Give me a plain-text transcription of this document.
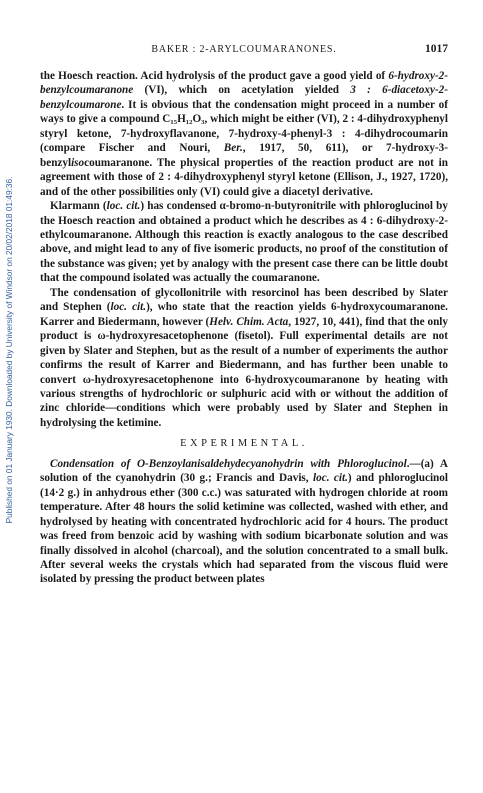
Published on 01 January 1930. Downloaded by University of Windsor on 20/02/2018 01:49:36.
BAKER : 2-ARYLCOUMARANONES.	1017

the Hoesch reaction. Acid hydrolysis of the product gave a good yield of 6-hydroxy-2-benzylcoumaranone (VI), which on acetylation yielded 3 : 6-diacetoxy-2-benzylcoumarone. It is obvious that the condensation might proceed in a number of ways to give a compound C₁₅H₁₂O₃, which might be either (VI), 2 : 4-dihydroxyphenyl styryl ketone, 7-hydroxyflavanone, 7-hydroxy-4-phenyl-3 : 4-dihydrocoumarin (compare Fischer and Nouri, Ber., 1917, 50, 611), or 7-hydroxy-3-benzylisocoumaranone. The physical properties of the reaction product are not in agreement with those of 2 : 4-dihydroxyphenyl styryl ketone (Ellison, J., 1927, 1720), and of the other possibilities only (VI) could give a diacetyl derivative.

Klarmann (loc. cit.) has condensed α-bromo-n-butyronitrile with phloroglucinol by the Hoesch reaction and obtained a product which he describes as 4 : 6-dihydroxy-2-ethylcoumaranone. Although this reaction is exactly analogous to the case described above, and might lead to any of five isomeric products, no proof of the constitution of the substance was given; yet by analogy with the present case there can be little doubt that the compound isolated was actually the coumaranone.

The condensation of glycollonitrile with resorcinol has been described by Slater and Stephen (loc. cit.), who state that the reaction yields 6-hydroxycoumaranone. Karrer and Biedermann, however (Helv. Chim. Acta, 1927, 10, 441), find that the only product is ω-hydroxyresacetophenone (fisetol). Full experimental details are not given by Slater and Stephen, but as the result of a number of experiments the author confirms the result of Karrer and Biedermann, and has further been unable to convert ω-hydroxyresacetophenone into 6-hydroxycoumaranone by heating with various strengths of hydrochloric or sulphuric acid with or without the addition of zinc chloride—conditions which were probably used by Slater and Stephen in hydrolysing the ketimine.

EXPERIMENTAL.

Condensation of O-Benzoylanisaldehydecyanohydrin with Phloroglucinol.—(a) A solution of the cyanohydrin (30 g.; Francis and Davis, loc. cit.) and phloroglucinol (14·2 g.) in anhydrous ether (300 c.c.) was saturated with hydrogen chloride at room temperature. After 48 hours the solid ketimine was collected, washed with ether, and hydrolysed by heating with concentrated hydrochloric acid for 4 hours. The product was freed from benzoic acid by washing with sodium bicarbonate solution and was finally dissolved in alcohol (charcoal), and the solution concentrated to a small bulk. After several weeks the crystals which had separated from the viscous fluid were isolated by pressing the product between plates
